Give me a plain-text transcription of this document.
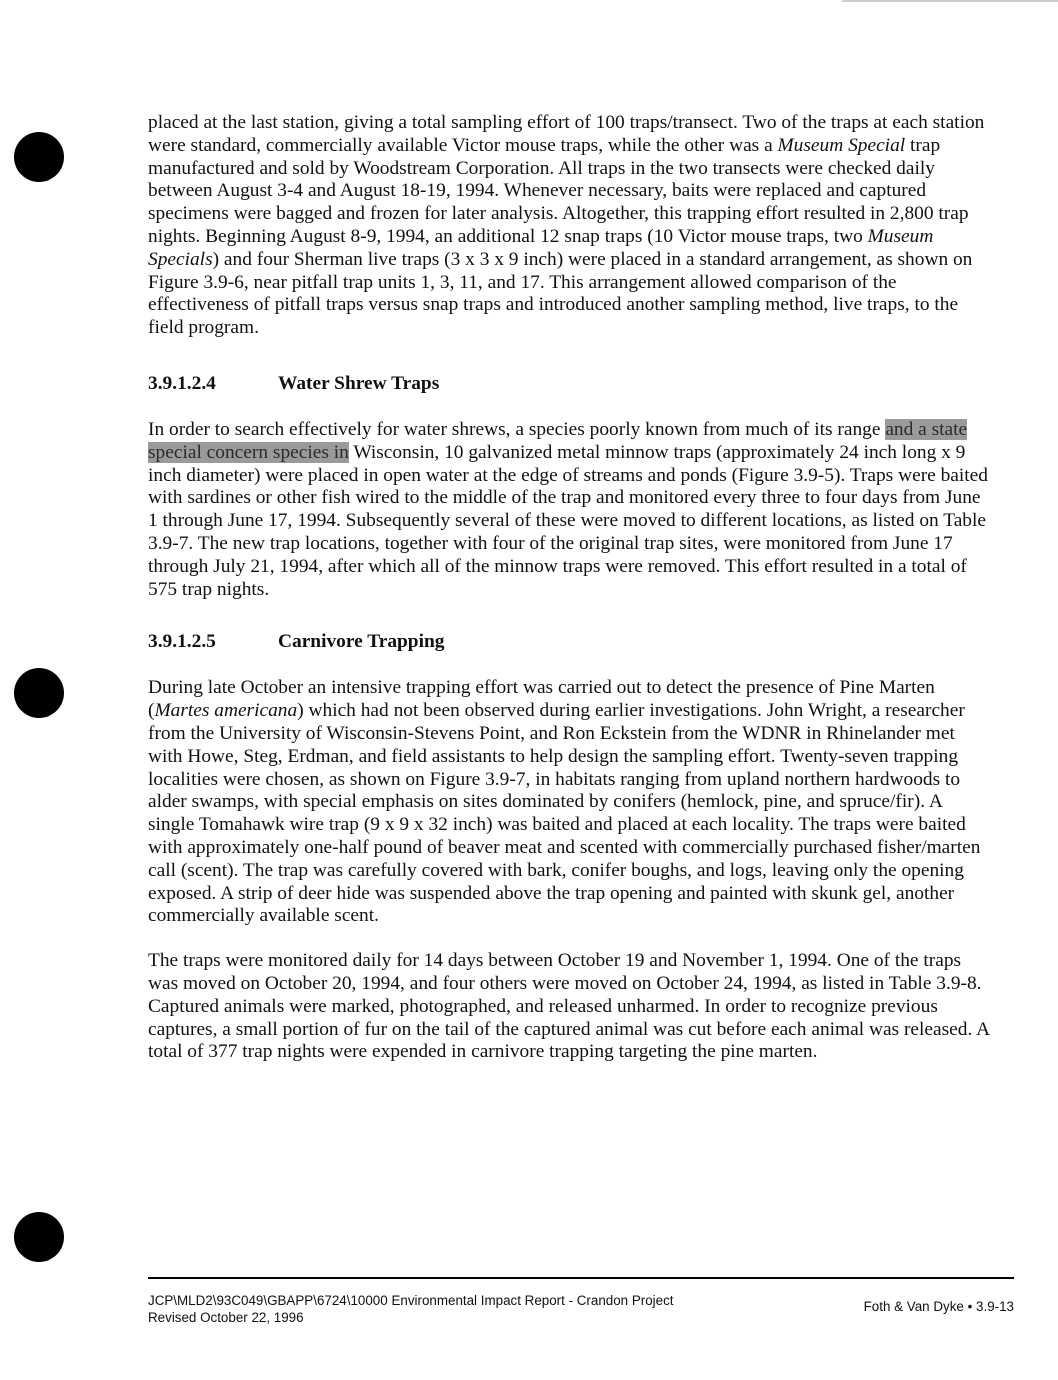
placed at the last station, giving a total sampling effort of 100 traps/transect. Two of the traps at each station were standard, commercially available Victor mouse traps, while the other was a Museum Special trap manufactured and sold by Woodstream Corporation. All traps in the two transects were checked daily between August 3-4 and August 18-19, 1994. Whenever necessary, baits were replaced and captured specimens were bagged and frozen for later analysis. Altogether, this trapping effort resulted in 2,800 trap nights. Beginning August 8-9, 1994, an additional 12 snap traps (10 Victor mouse traps, two Museum Specials) and four Sherman live traps (3 x 3 x 9 inch) were placed in a standard arrangement, as shown on Figure 3.9-6, near pitfall trap units 1, 3, 11, and 17. This arrangement allowed comparison of the effectiveness of pitfall traps versus snap traps and introduced another sampling method, live traps, to the field program.

3.9.1.2.4	Water Shrew Traps

In order to search effectively for water shrews, a species poorly known from much of its range and a state special concern species in Wisconsin, 10 galvanized metal minnow traps (approximately 24 inch long x 9 inch diameter) were placed in open water at the edge of streams and ponds (Figure 3.9-5). Traps were baited with sardines or other fish wired to the middle of the trap and monitored every three to four days from June 1 through June 17, 1994. Subsequently several of these were moved to different locations, as listed on Table 3.9-7. The new trap locations, together with four of the original trap sites, were monitored from June 17 through July 21, 1994, after which all of the minnow traps were removed. This effort resulted in a total of 575 trap nights.

3.9.1.2.5	Carnivore Trapping

During late October an intensive trapping effort was carried out to detect the presence of Pine Marten (Martes americana) which had not been observed during earlier investigations. John Wright, a researcher from the University of Wisconsin-Stevens Point, and Ron Eckstein from the WDNR in Rhinelander met with Howe, Steg, Erdman, and field assistants to help design the sampling effort. Twenty-seven trapping localities were chosen, as shown on Figure 3.9-7, in habitats ranging from upland northern hardwoods to alder swamps, with special emphasis on sites dominated by conifers (hemlock, pine, and spruce/fir). A single Tomahawk wire trap (9 x 9 x 32 inch) was baited and placed at each locality. The traps were baited with approximately one-half pound of beaver meat and scented with commercially purchased fisher/marten call (scent). The trap was carefully covered with bark, conifer boughs, and logs, leaving only the opening exposed. A strip of deer hide was suspended above the trap opening and painted with skunk gel, another commercially available scent.

The traps were monitored daily for 14 days between October 19 and November 1, 1994. One of the traps was moved on October 20, 1994, and four others were moved on October 24, 1994, as listed in Table 3.9-8. Captured animals were marked, photographed, and released unharmed. In order to recognize previous captures, a small portion of fur on the tail of the captured animal was cut before each animal was released. A total of 377 trap nights were expended in carnivore trapping targeting the pine marten.

JCP\MLD2\93C049\GBAPP\6724\10000 Environmental Impact Report - Crandon Project
Revised October 22, 1996
Foth & Van Dyke • 3.9-13
